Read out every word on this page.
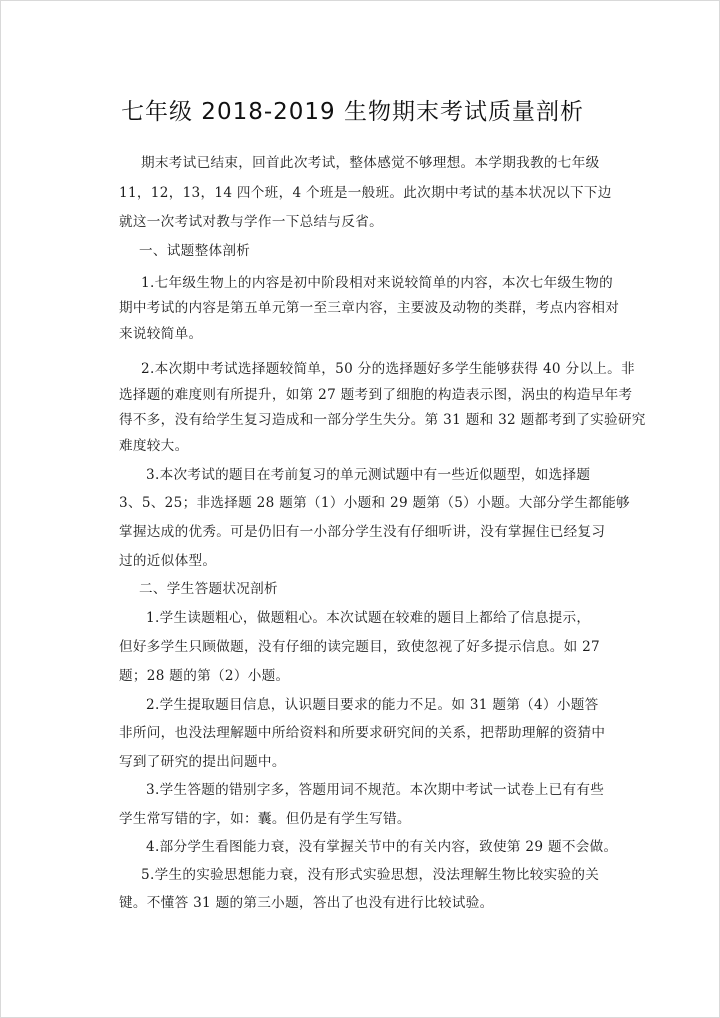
七年级 2018-2019 生物期末考试质量剖析
期末考试已结束，回首此次考试，整体感觉不够理想。本学期我教的七年级
11，12，13，14 四个班，4 个班是一般班。此次期中考试的基本状况以下下边
就这一次考试对教与学作一下总结与反省。
一、试题整体剖析
1.七年级生物上的内容是初中阶段相对来说较简单的内容，本次七年级生物的
期中考试的内容是第五单元第一至三章内容，主要波及动物的类群，考点内容相对
来说较简单。
2.本次期中考试选择题较简单，50 分的选择题好多学生能够获得 40 分以上。非
选择题的难度则有所提升，如第 27 题考到了细胞的构造表示图，涡虫的构造早年考
得不多，没有给学生复习造成和一部分学生失分。第 31 题和 32 题都考到了实验研究
难度较大。
3.本次考试的题目在考前复习的单元测试题中有一些近似题型，如选择题
3、5、25；非选择题 28 题第（1）小题和 29 题第（5）小题。大部分学生都能够
掌握达成的优秀。可是仍旧有一小部分学生没有仔细听讲，没有掌握住已经复习
过的近似体型。
二、学生答题状况剖析
1.学生读题粗心，做题粗心。本次试题在较难的题目上都给了信息提示，
但好多学生只顾做题，没有仔细的读完题目，致使忽视了好多提示信息。如 27
题；28 题的第（2）小题。
2.学生提取题目信息，认识题目要求的能力不足。如 31 题第（4）小题答
非所问，也没法理解题中所给资料和所要求研究间的关系，把帮助理解的资猜中
写到了研究的提出问题中。
3.学生答题的错别字多，答题用词不规范。本次期中考试一试卷上已有有些
学生常写错的字，如：囊。但仍是有学生写错。
4.部分学生看图能力衰，没有掌握关节中的有关内容，致使第 29 题不会做。
5.学生的实验思想能力衰，没有形式实验思想，没法理解生物比较实验的关
键。不懂答 31 题的第三小题，答出了也没有进行比较试验。
